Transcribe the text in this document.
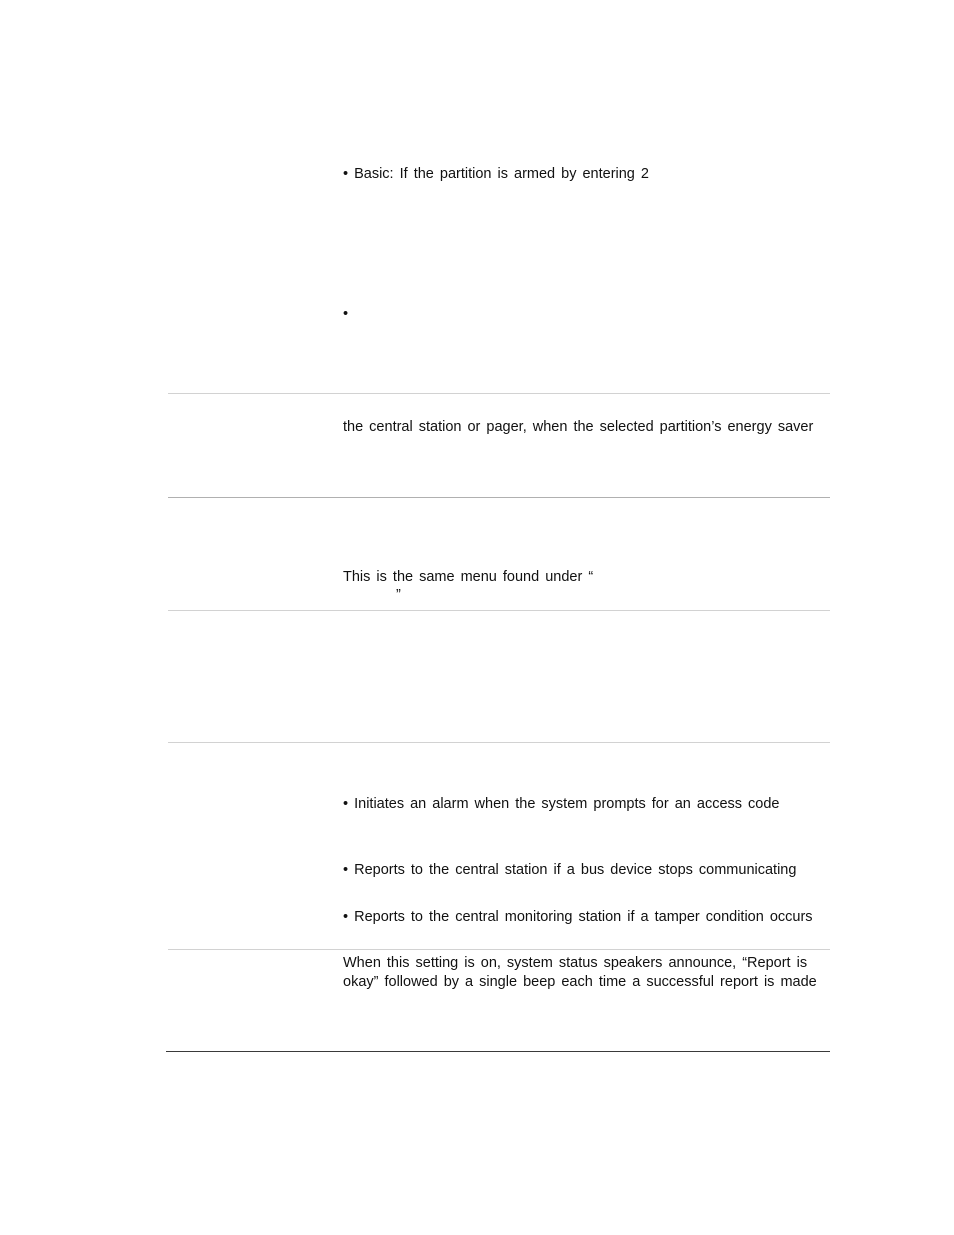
• Basic: If the partition is armed by entering 2
•
the central station or pager, when the selected partition’s energy saver
This is the same menu found under “
”
• Initiates an alarm when the system prompts for an access code
• Reports to the central station if a bus device stops communicating
• Reports to the central monitoring station if a tamper condition occurs
When this setting is on, system status speakers announce, “Report is
okay” followed by a single beep each time a successful report is made
